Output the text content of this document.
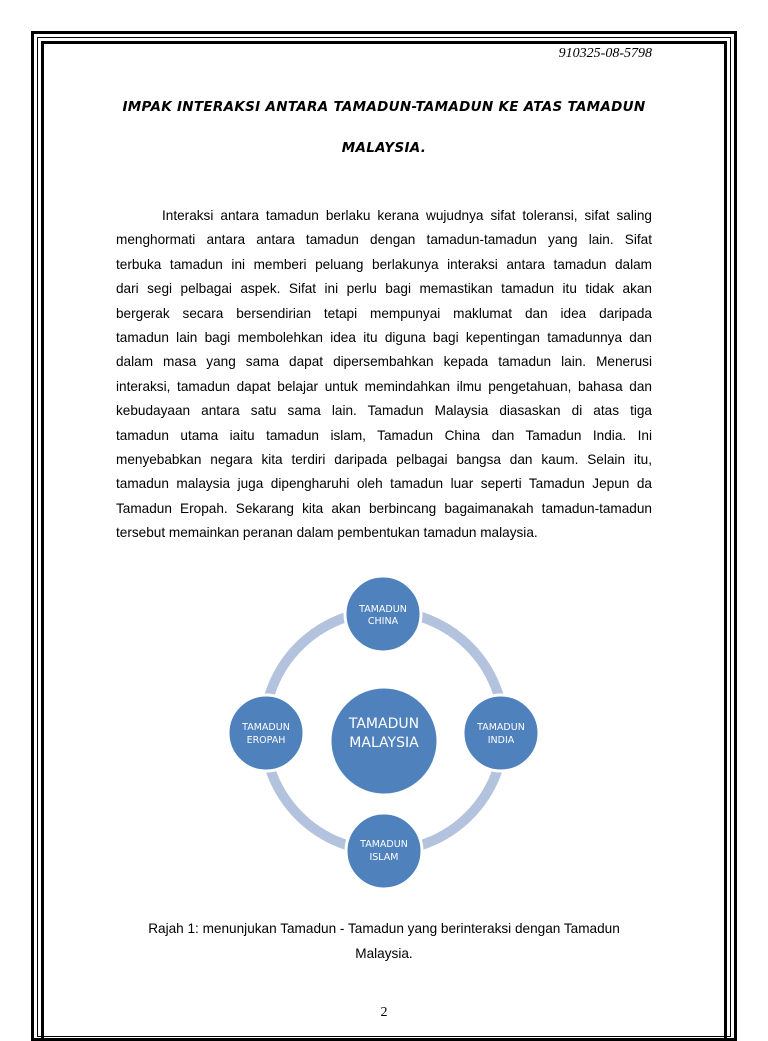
910325-08-5798
IMPAK INTERAKSI ANTARA TAMADUN-TAMADUN KE ATAS TAMADUN
MALAYSIA.
Interaksi antara tamadun berlaku kerana wujudnya sifat toleransi, sifat saling
menghormati antara antara tamadun dengan tamadun-tamadun yang lain. Sifat
terbuka tamadun ini memberi peluang berlakunya interaksi antara tamadun dalam
dari segi pelbagai aspek. Sifat ini perlu bagi memastikan tamadun itu tidak akan
bergerak secara bersendirian tetapi mempunyai maklumat dan idea daripada
tamadun lain bagi membolehkan idea itu diguna bagi kepentingan tamadunnya dan
dalam masa yang sama dapat dipersembahkan kepada tamadun lain. Menerusi
interaksi, tamadun dapat belajar untuk memindahkan ilmu pengetahuan, bahasa dan
kebudayaan antara satu sama lain. Tamadun Malaysia diasaskan di atas tiga
tamadun utama iaitu tamadun islam, Tamadun China dan Tamadun India. Ini
menyebabkan negara kita terdiri daripada pelbagai bangsa dan kaum. Selain itu,
tamadun malaysia juga dipengharuhi oleh tamadun luar seperti Tamadun Jepun da
Tamadun Eropah. Sekarang kita akan berbincang bagaimanakah tamadun-tamadun
tersebut memainkan peranan dalam pembentukan tamadun malaysia.
TAMADUN
MALAYSIA
TAMADUN
CHINA
TAMADUN
INDIA
TAMADUN
ISLAM
TAMADUN
EROPAH
Rajah 1: menunjukan Tamadun - Tamadun yang berinteraksi dengan Tamadun
Malaysia.
2
